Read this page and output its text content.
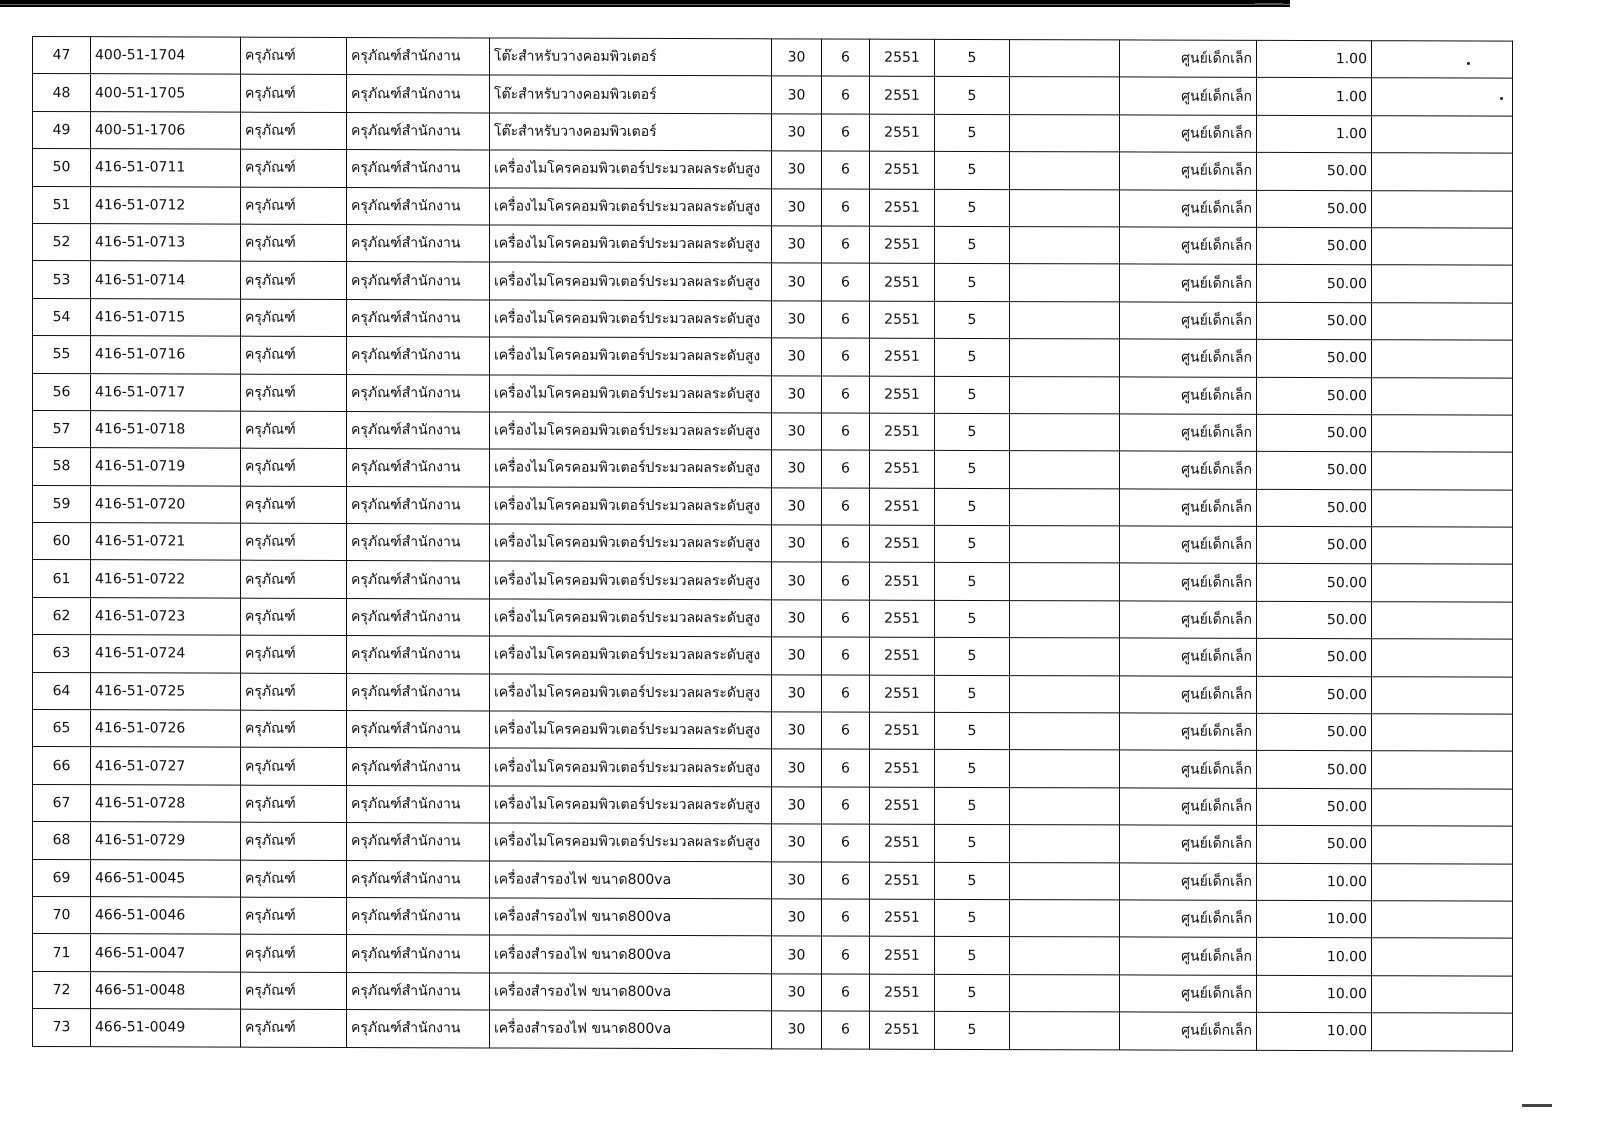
47	400-51-1704	ครุภัณฑ์	ครุภัณฑ์สำนักงาน	โต๊ะสำหรับวางคอมพิวเตอร์	30	6	2551	5		ศูนย์เด็กเล็ก	1.00	
48	400-51-1705	ครุภัณฑ์	ครุภัณฑ์สำนักงาน	โต๊ะสำหรับวางคอมพิวเตอร์	30	6	2551	5		ศูนย์เด็กเล็ก	1.00	
49	400-51-1706	ครุภัณฑ์	ครุภัณฑ์สำนักงาน	โต๊ะสำหรับวางคอมพิวเตอร์	30	6	2551	5		ศูนย์เด็กเล็ก	1.00	
50	416-51-0711	ครุภัณฑ์	ครุภัณฑ์สำนักงาน	เครื่องไมโครคอมพิวเตอร์ประมวลผลระดับสูง	30	6	2551	5		ศูนย์เด็กเล็ก	50.00	
51	416-51-0712	ครุภัณฑ์	ครุภัณฑ์สำนักงาน	เครื่องไมโครคอมพิวเตอร์ประมวลผลระดับสูง	30	6	2551	5		ศูนย์เด็กเล็ก	50.00	
52	416-51-0713	ครุภัณฑ์	ครุภัณฑ์สำนักงาน	เครื่องไมโครคอมพิวเตอร์ประมวลผลระดับสูง	30	6	2551	5		ศูนย์เด็กเล็ก	50.00	
53	416-51-0714	ครุภัณฑ์	ครุภัณฑ์สำนักงาน	เครื่องไมโครคอมพิวเตอร์ประมวลผลระดับสูง	30	6	2551	5		ศูนย์เด็กเล็ก	50.00	
54	416-51-0715	ครุภัณฑ์	ครุภัณฑ์สำนักงาน	เครื่องไมโครคอมพิวเตอร์ประมวลผลระดับสูง	30	6	2551	5		ศูนย์เด็กเล็ก	50.00	
55	416-51-0716	ครุภัณฑ์	ครุภัณฑ์สำนักงาน	เครื่องไมโครคอมพิวเตอร์ประมวลผลระดับสูง	30	6	2551	5		ศูนย์เด็กเล็ก	50.00	
56	416-51-0717	ครุภัณฑ์	ครุภัณฑ์สำนักงาน	เครื่องไมโครคอมพิวเตอร์ประมวลผลระดับสูง	30	6	2551	5		ศูนย์เด็กเล็ก	50.00	
57	416-51-0718	ครุภัณฑ์	ครุภัณฑ์สำนักงาน	เครื่องไมโครคอมพิวเตอร์ประมวลผลระดับสูง	30	6	2551	5		ศูนย์เด็กเล็ก	50.00	
58	416-51-0719	ครุภัณฑ์	ครุภัณฑ์สำนักงาน	เครื่องไมโครคอมพิวเตอร์ประมวลผลระดับสูง	30	6	2551	5		ศูนย์เด็กเล็ก	50.00	
59	416-51-0720	ครุภัณฑ์	ครุภัณฑ์สำนักงาน	เครื่องไมโครคอมพิวเตอร์ประมวลผลระดับสูง	30	6	2551	5		ศูนย์เด็กเล็ก	50.00	
60	416-51-0721	ครุภัณฑ์	ครุภัณฑ์สำนักงาน	เครื่องไมโครคอมพิวเตอร์ประมวลผลระดับสูง	30	6	2551	5		ศูนย์เด็กเล็ก	50.00	
61	416-51-0722	ครุภัณฑ์	ครุภัณฑ์สำนักงาน	เครื่องไมโครคอมพิวเตอร์ประมวลผลระดับสูง	30	6	2551	5		ศูนย์เด็กเล็ก	50.00	
62	416-51-0723	ครุภัณฑ์	ครุภัณฑ์สำนักงาน	เครื่องไมโครคอมพิวเตอร์ประมวลผลระดับสูง	30	6	2551	5		ศูนย์เด็กเล็ก	50.00	
63	416-51-0724	ครุภัณฑ์	ครุภัณฑ์สำนักงาน	เครื่องไมโครคอมพิวเตอร์ประมวลผลระดับสูง	30	6	2551	5		ศูนย์เด็กเล็ก	50.00	
64	416-51-0725	ครุภัณฑ์	ครุภัณฑ์สำนักงาน	เครื่องไมโครคอมพิวเตอร์ประมวลผลระดับสูง	30	6	2551	5		ศูนย์เด็กเล็ก	50.00	
65	416-51-0726	ครุภัณฑ์	ครุภัณฑ์สำนักงาน	เครื่องไมโครคอมพิวเตอร์ประมวลผลระดับสูง	30	6	2551	5		ศูนย์เด็กเล็ก	50.00	
66	416-51-0727	ครุภัณฑ์	ครุภัณฑ์สำนักงาน	เครื่องไมโครคอมพิวเตอร์ประมวลผลระดับสูง	30	6	2551	5		ศูนย์เด็กเล็ก	50.00	
67	416-51-0728	ครุภัณฑ์	ครุภัณฑ์สำนักงาน	เครื่องไมโครคอมพิวเตอร์ประมวลผลระดับสูง	30	6	2551	5		ศูนย์เด็กเล็ก	50.00	
68	416-51-0729	ครุภัณฑ์	ครุภัณฑ์สำนักงาน	เครื่องไมโครคอมพิวเตอร์ประมวลผลระดับสูง	30	6	2551	5		ศูนย์เด็กเล็ก	50.00	
69	466-51-0045	ครุภัณฑ์	ครุภัณฑ์สำนักงาน	เครื่องสำรองไฟ ขนาด800va	30	6	2551	5		ศูนย์เด็กเล็ก	10.00	
70	466-51-0046	ครุภัณฑ์	ครุภัณฑ์สำนักงาน	เครื่องสำรองไฟ ขนาด800va	30	6	2551	5		ศูนย์เด็กเล็ก	10.00	
71	466-51-0047	ครุภัณฑ์	ครุภัณฑ์สำนักงาน	เครื่องสำรองไฟ ขนาด800va	30	6	2551	5		ศูนย์เด็กเล็ก	10.00	
72	466-51-0048	ครุภัณฑ์	ครุภัณฑ์สำนักงาน	เครื่องสำรองไฟ ขนาด800va	30	6	2551	5		ศูนย์เด็กเล็ก	10.00	
73	466-51-0049	ครุภัณฑ์	ครุภัณฑ์สำนักงาน	เครื่องสำรองไฟ ขนาด800va	30	6	2551	5		ศูนย์เด็กเล็ก	10.00	
